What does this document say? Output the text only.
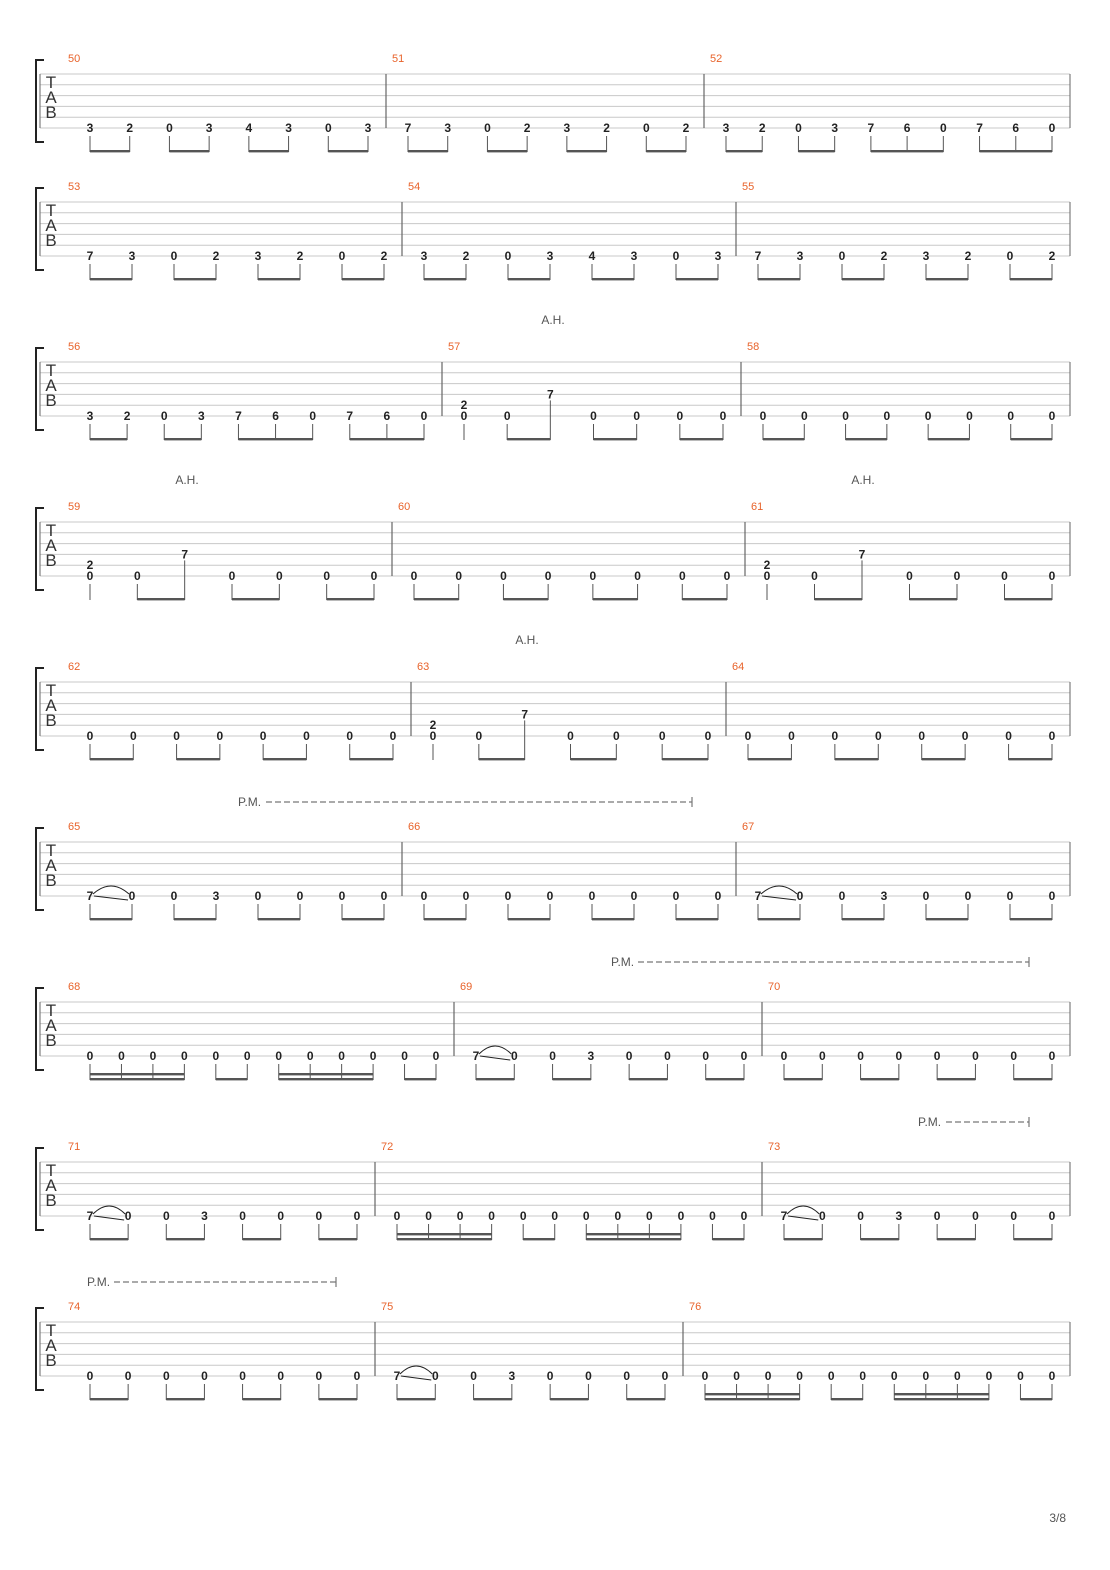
T
A
B
50
3	2	0	3	4	3	0	3
51
7	3	0	2	3	2	0	2
52
3 2 0 3 7 6 0 7 6 0
T
A
B
53
7	3	0	2	3	2	0	2
54
3	2	0	3	4	3	0	3
55
7	3	0	2	3	2	0	2
T
A
B
56
3	2	0	3	7	6	0	7	6	0
57
2
0	0
7
0	0	0	0
58
0	0	0	0	0	0	0	0
A.H.
T
A
B
59
2
0	0
7
0	0	0	0
60
0	0	0	0	0	0	0	0
61
2
0	0
7
0	0	0	0
A.H.	A.H.
T
A
B
62
0	0	0	0	0	0	0	0
63
2
0	0
7
0	0	0	0
64
0	0	0	0	0	0	0	0
A.H.
T
A
B
65
7	0	0	3	0	0	0	0
66
0	0	0	0	0	0	0	0
67
7	0	0	3	0	0	0	0
P.M.
T
A
B
68
0 0 0 0 0 0 0 0 0 0 0 0
69
7	0	0	3	0	0	0	0
70
0	0	0	0	0	0	0	0
P.M.
T
A
B
71
7	0	0	3	0	0	0	0
72
0 0 0 0 0 0 0 0 0 0 0 0
73
7	0	0	3	0	0	0	0
P.M.
T
A
B
74
0	0	0	0	0	0	0	0
75
7	0	0	3	0	0	0	0
76
0 0 0 0 0 0 0 0 0 0 0 0
P.M.
3/8
